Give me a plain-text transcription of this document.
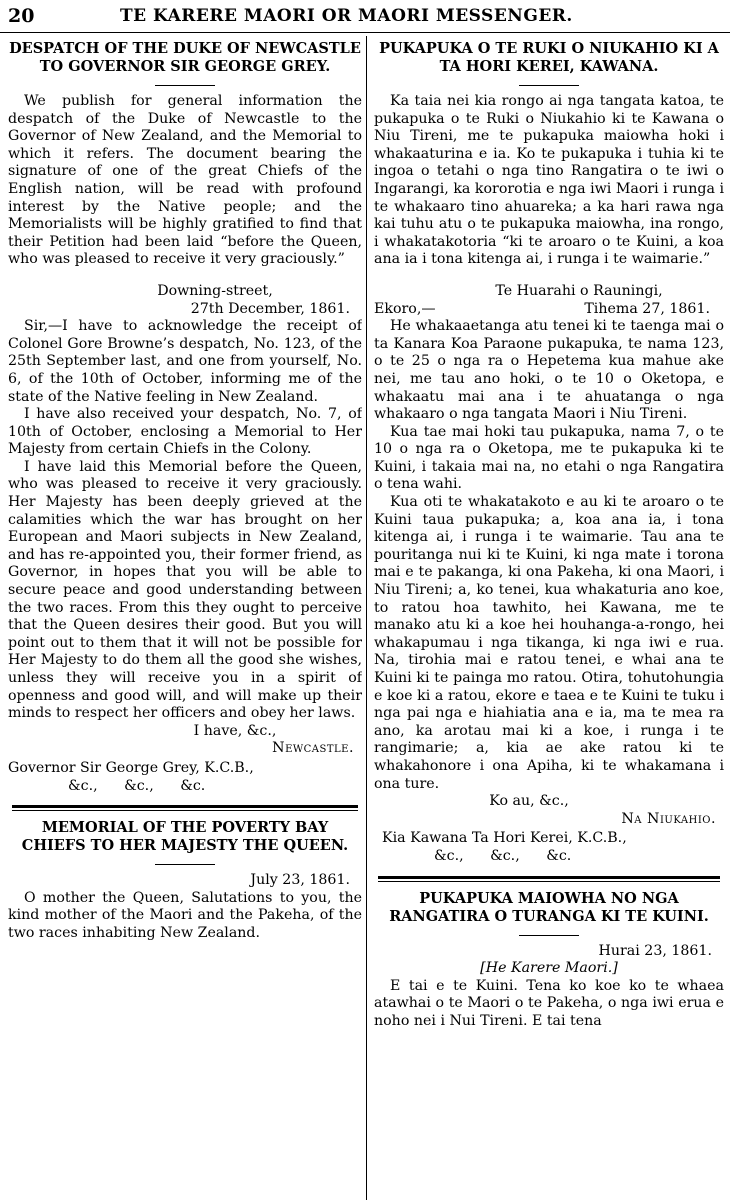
20	TE KARERE MAORI OR MAORI MESSENGER.
DESPATCH OF THE DUKE OF NEWCASTLE TO GOVERNOR SIR GEORGE GREY.

We publish for general information the despatch of the Duke of Newcastle to the Governor of New Zealand, and the Memorial to which it refers. The document bearing the signature of one of the great Chiefs of the English nation, will be read with profound interest by the Native people; and the Memorialists will be highly gratified to find that their Petition had been laid “before the Queen, who was pleased to receive it very graciously.”

Downing-street,
27th December, 1861.

Sir,—I have to acknowledge the receipt of Colonel Gore Browne’s despatch, No. 123, of the 25th September last, and one from yourself, No. 6, of the 10th of October, informing me of the state of the Native feeling in New Zealand.

I have also received your despatch, No. 7, of 10th of October, enclosing a Memorial to Her Majesty from certain Chiefs in the Colony.

I have laid this Memorial before the Queen, who was pleased to receive it very graciously. Her Majesty has been deeply grieved at the calamities which the war has brought on her European and Maori subjects in New Zealand, and has re-appointed you, their former friend, as Governor, in hopes that you will be able to secure peace and good understanding between the two races. From this they ought to perceive that the Queen desires their good. But you will point out to them that it will not be possible for Her Majesty to do them all the good she wishes, unless they will receive you in a spirit of openness and good will, and will make up their minds to respect her officers and obey her laws.

I have, &c.,
Newcastle.
Governor Sir George Grey, K.C.B.,
&c., &c., &c.
MEMORIAL OF THE POVERTY BAY CHIEFS TO HER MAJESTY THE QUEEN.
July 23, 1861.

O mother the Queen, Salutations to you, the kind mother of the Maori and the Pakeha, of the two races inhabiting New Zealand.

PUKAPUKA O TE RUKI O NIUKAHIO KI A TA HORI KEREI, KAWANA.

Ka taia nei kia rongo ai nga tangata katoa, te pukapuka o te Ruki o Niukahio ki te Kawana o Niu Tireni, me te pukapuka maiowha hoki i whakaaturina e ia. Ko te pukapuka i tuhia ki te ingoa o tetahi o nga tino Rangatira o te iwi o Ingarangi, ka kororotia e nga iwi Maori i runga i te whakaaro tino ahuareka; a ka hari rawa nga kai tuhu atu o te pukapuka maiowha, ina rongo, i whakatakotoria “ki te aroaro o te Kuini, a koa ana ia i tona kitenga ai, i runga i te waimarie.”

Te Huarahi o Rauningi,
Ekoro,—	Tihema 27, 1861.

He whakaaetanga atu tenei ki te taenga mai o ta Kanara Koa Paraone pukapuka, te nama 123, o te 25 o nga ra o Hepetema kua mahue ake nei, me tau ano hoki, o te 10 o Oketopa, e whakaatu mai ana i te ahuatanga o nga whakaaro o nga tangata Maori i Niu Tireni.

Kua tae mai hoki tau pukapuka, nama 7, o te 10 o nga ra o Oketopa, me te pukapuka ki te Kuini, i takaia mai na, no etahi o nga Rangatira o tena wahi.

Kua oti te whakatakoto e au ki te aroaro o te Kuini taua pukapuka; a, koa ana ia, i tona kitenga ai, i runga i te waimarie. Tau ana te pouritanga nui ki te Kuini, ki nga mate i torona mai e te pakanga, ki ona Pakeha, ki ona Maori, i Niu Tireni; a, ko tenei, kua whakaturia ano koe, to ratou hoa tawhito, hei Kawana, me te manako atu ki a koe hei houhanga-a-rongo, hei whakapumau i nga tikanga, ki nga iwi e rua. Na, tirohia mai e ratou tenei, e whai ana te Kuini ki te painga mo ratou. Otira, tohutohungia e koe ki a ratou, ekore e taea e te Kuini te tuku i nga pai nga e hiahiatia ana e ia, ma te mea ra ano, ka arotau mai ki a koe, i runga i te rangimarie; a, kia ae ake ratou ki te whakahonore i ona Apiha, ki te whakamana i ona ture.

Ko au, &c.,
Na Niukahio.
Kia Kawana Ta Hori Kerei, K.C.B.,
&c., &c., &c.
PUKAPUKA MAIOWHA NO NGA RANGATIRA O TURANGA KI TE KUINI.
Hurai 23, 1861.
[He Karere Maori.]

E tai e te Kuini. Tena ko koe ko te whaea atawhai o te Maori o te Pakeha, o nga iwi erua e noho nei i Nui Tireni. E tai tena
